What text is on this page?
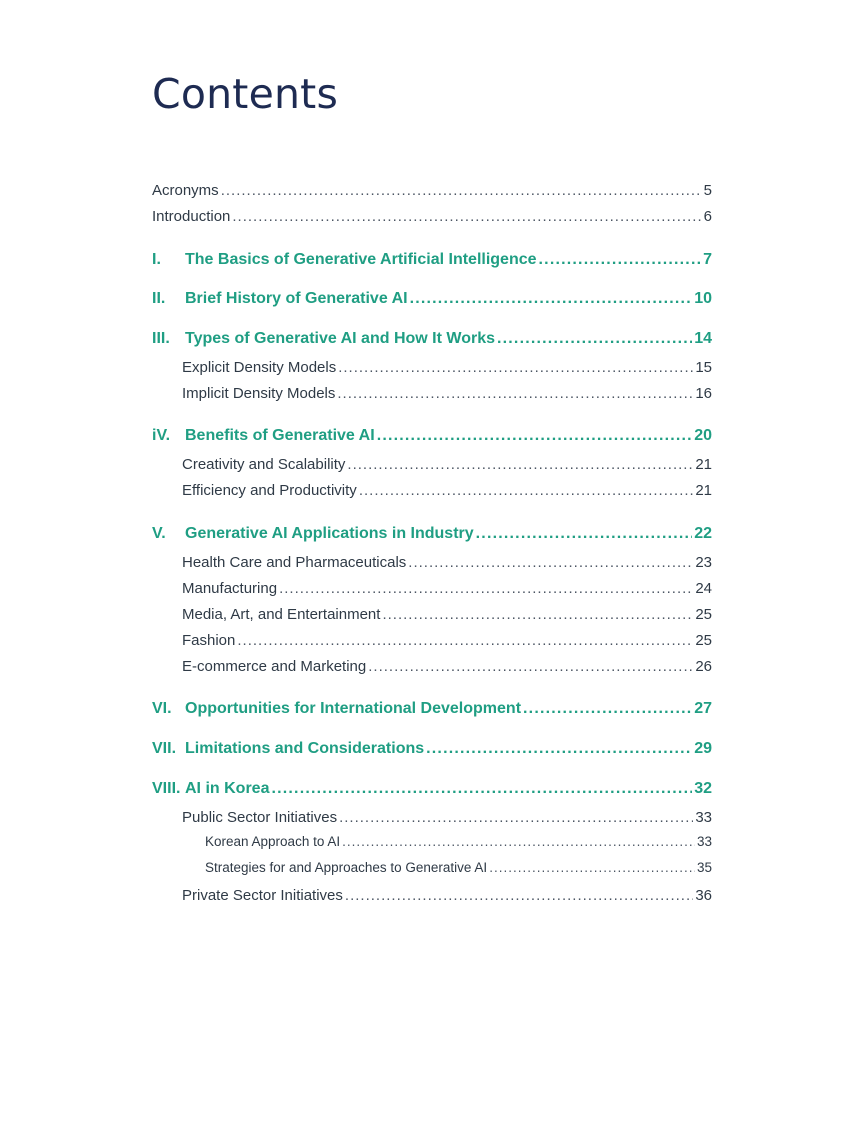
Contents
Acronyms .....	5
Introduction .....	6
I.	The Basics of Generative Artificial Intelligence .....	7
II.	Brief History of Generative AI .....	10
III. Types of Generative AI and How It Works .....	14
Explicit Density Models .....	15
Implicit Density Models .....	16
iV. Benefits of Generative AI .....	20
Creativity and Scalability .....	21
Efficiency and Productivity .....	21
V.	Generative AI Applications in Industry .....	22
Health Care and Pharmaceuticals .....	23
Manufacturing .....	24
Media, Art, and Entertainment .....	25
Fashion .....	25
E-commerce and Marketing .....	26
VI. Opportunities for International Development .....	27
VII. Limitations and Considerations .....	29
VIII. AI in Korea .....	32
Public Sector Initiatives .....	33
Korean Approach to AI .....	33
Strategies for and Approaches to Generative AI .....	35
Private Sector Initiatives .....	36
